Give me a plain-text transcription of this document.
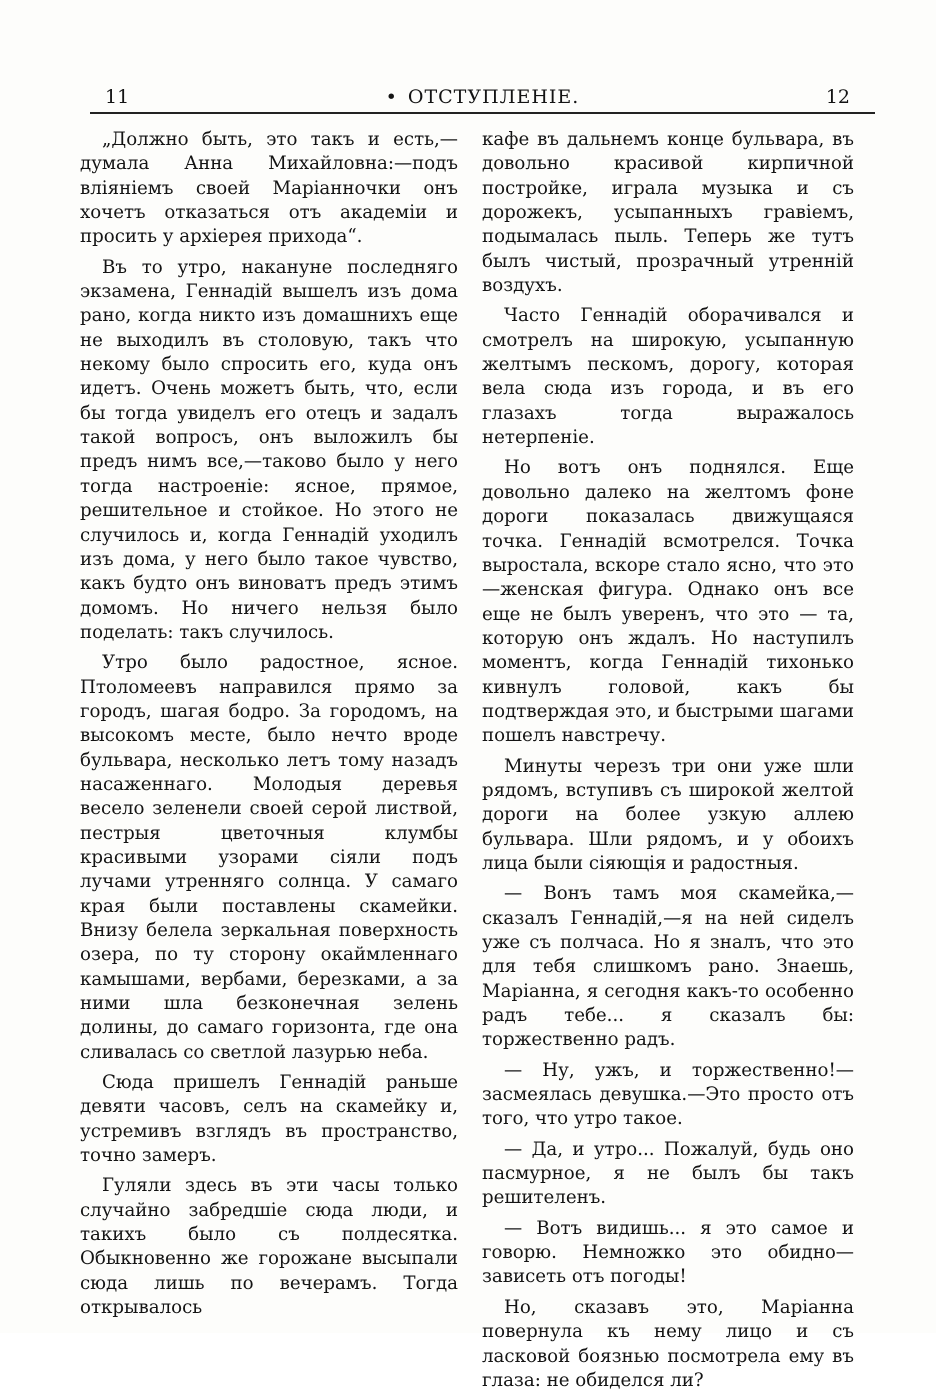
11	• ОТСТУПЛЕНІЕ.	12

„Должно быть, это такъ и есть,—думала Анна Михайловна:—подъ вліяніемъ своей Маріанночки онъ хочетъ отказаться отъ академіи и просить у архіерея прихода“.

Въ то утро, накануне последняго экзамена, Геннадій вышелъ изъ дома рано, когда никто изъ домашнихъ еще не выходилъ въ столовую, такъ что некому было спросить его, куда онъ идетъ. Очень можетъ быть, что, если бы тогда увиделъ его отецъ и задалъ такой вопросъ, онъ выложилъ бы предъ нимъ все,—таково было у него тогда настроеніе: ясное, прямое, решительное и стойкое. Но этого не случилось и, когда Геннадій уходилъ изъ дома, у него было такое чувство, какъ будто онъ виноватъ предъ этимъ домомъ. Но ничего нельзя было поделать: такъ случилось.

Утро было радостное, ясное. Птоломеевъ направился прямо за городъ, шагая бодро. За городомъ, на высокомъ месте, было нечто вроде бульвара, несколько летъ тому назадъ насаженнаго. Молодыя деревья весело зеленели своей серой листвой, пестрыя цветочныя клумбы красивыми узорами сіяли подъ лучами утренняго солнца. У самаго края были поставлены скамейки. Внизу белела зеркальная поверхность озера, по ту сторону окаймленнаго камышами, вербами, березками, а за ними шла безконечная зелень долины, до самаго горизонта, где она сливалась со светлой лазурью неба.

Сюда пришелъ Геннадій раньше девяти часовъ, селъ на скамейку и, устремивъ взглядъ въ пространство, точно замеръ.

Гуляли здесь въ эти часы только случайно забредшіе сюда люди, и такихъ было съ полдесятка. Обыкновенно же горожане высыпали сюда лишь по вечерамъ. Тогда открывалось

кафе въ дальнемъ конце бульвара, въ довольно красивой кирпичной постройке, играла музыка и съ дорожекъ, усыпанныхъ гравіемъ, подымалась пыль. Теперь же тутъ былъ чистый, прозрачный утренній воздухъ.

Часто Геннадій оборачивался и смотрелъ на широкую, усыпанную желтымъ пескомъ, дорогу, которая вела сюда изъ города, и въ его глазахъ тогда выражалось нетерпеніе.

Но вотъ онъ поднялся. Еще довольно далеко на желтомъ фоне дороги показалась движущаяся точка. Геннадій всмотрелся. Точка выростала, вскоре стало ясно, что это—женская фигура. Однако онъ все еще не былъ уверенъ, что это — та, которую онъ ждалъ. Но наступилъ моментъ, когда Геннадій тихонько кивнулъ головой, какъ бы подтверждая это, и быстрыми шагами пошелъ навстречу.

Минуты черезъ три они уже шли рядомъ, вступивъ съ широкой желтой дороги на более узкую аллею бульвара. Шли рядомъ, и у обоихъ лица были сіяющія и радостныя.

— Вонъ тамъ моя скамейка,—сказалъ Геннадій,—я на ней сиделъ уже съ полчаса. Но я зналъ, что это для тебя слишкомъ рано. Знаешь, Маріанна, я сегодня какъ-то особенно радъ тебе... я сказалъ бы: торжественно радъ.

— Ну, ужъ, и торжественно!—засмеялась девушка.—Это просто отъ того, что утро такое.

— Да, и утро... Пожалуй, будь оно пасмурное, я не былъ бы такъ решителенъ.

— Вотъ видишь... я это самое и говорю. Немножко это обидно—зависеть отъ погоды!

Но, сказавъ это, Маріанна повернула къ нему лицо и съ ласковой боязнью посмотрела ему въ глаза: не обиделся ли?
